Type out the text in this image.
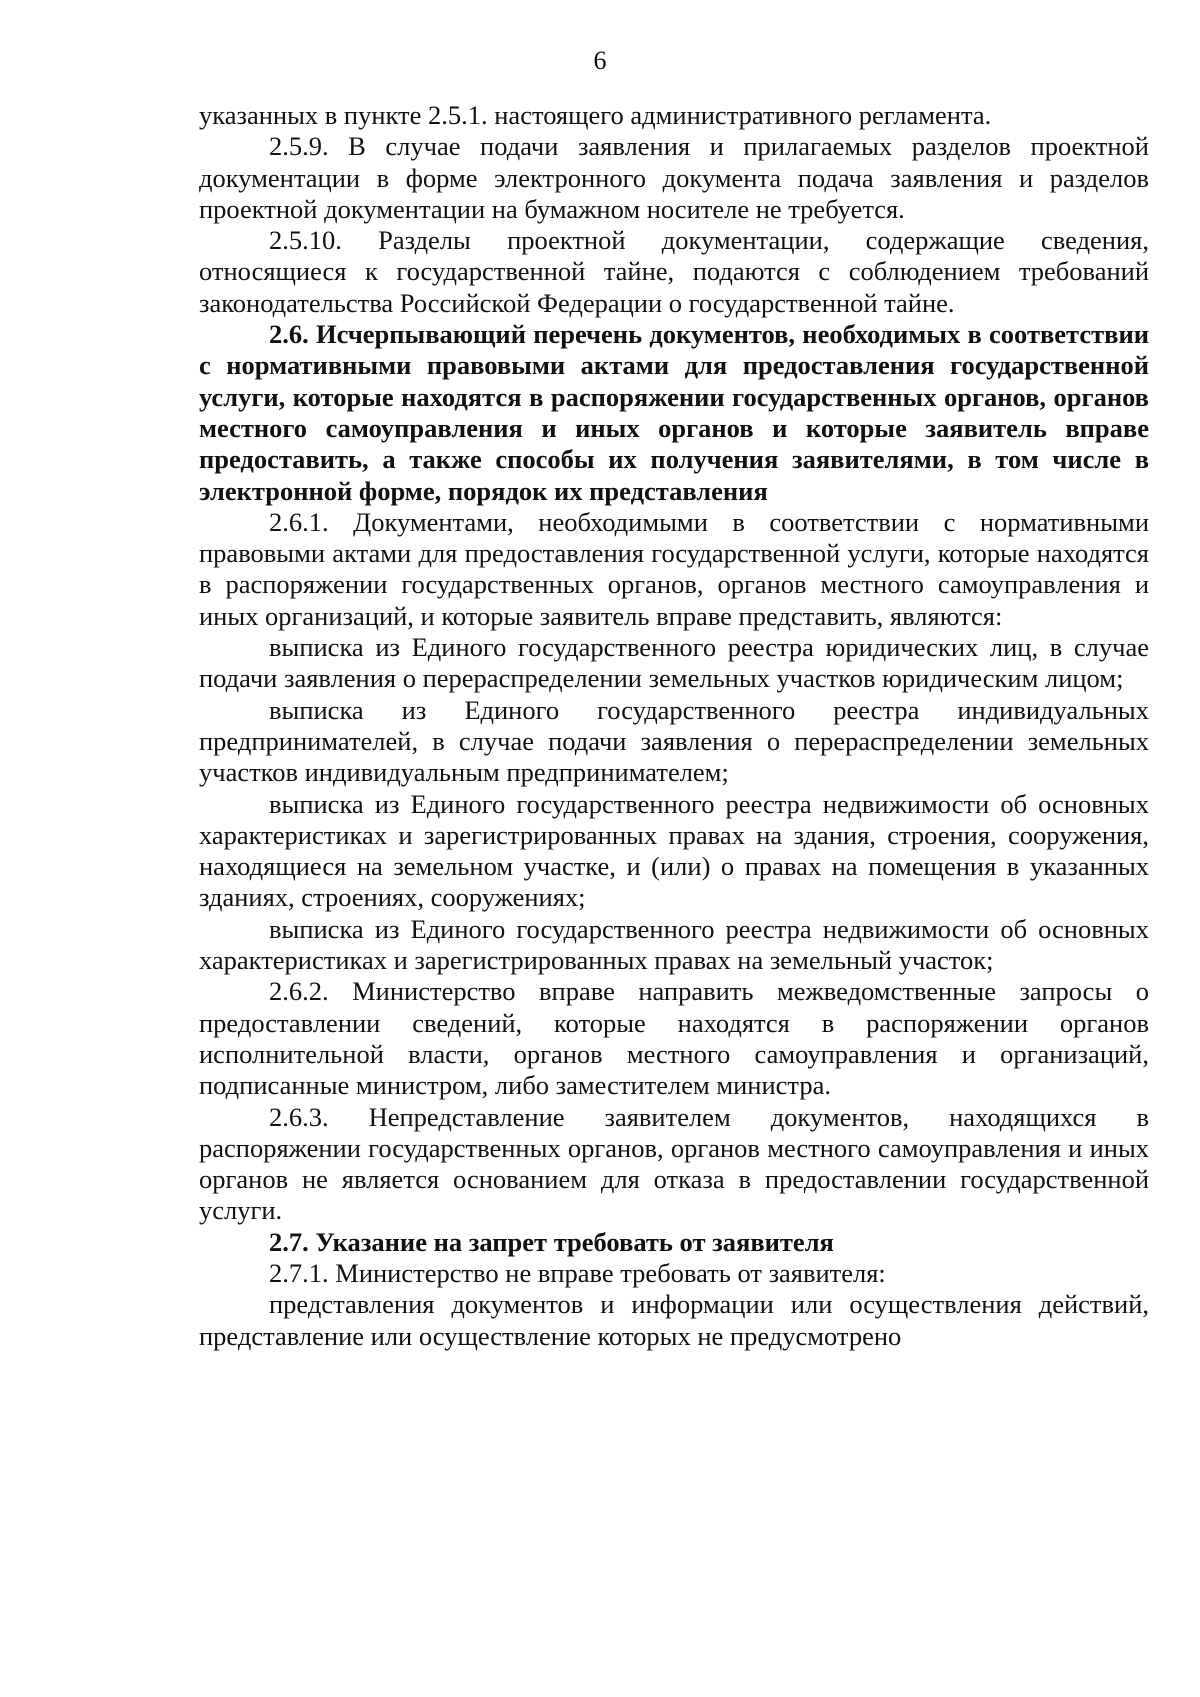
6

указанных в пункте 2.5.1. настоящего административного регламента.

2.5.9. В случае подачи заявления и прилагаемых разделов проектной документации в форме электронного документа подача заявления и разделов проектной документации на бумажном носителе не требуется.

2.5.10. Разделы проектной документации, содержащие сведения, относящиеся к государственной тайне, подаются с соблюдением требований законодательства Российской Федерации о государственной тайне.

2.6. Исчерпывающий перечень документов, необходимых в соответствии с нормативными правовыми актами для предоставления государственной услуги, которые находятся в распоряжении государственных органов, органов местного самоуправления и иных органов и которые заявитель вправе предоставить, а также способы их получения заявителями, в том числе в электронной форме, порядок их представления

2.6.1. Документами, необходимыми в соответствии с нормативными правовыми актами для предоставления государственной услуги, которые находятся в распоряжении государственных органов, органов местного самоуправления и иных организаций, и которые заявитель вправе представить, являются:

выписка из Единого государственного реестра юридических лиц, в случае подачи заявления о перераспределении земельных участков юридическим лицом;

выписка из Единого государственного реестра индивидуальных предпринимателей, в случае подачи заявления о перераспределении земельных участков индивидуальным предпринимателем;

выписка из Единого государственного реестра недвижимости об основных характеристиках и зарегистрированных правах на здания, строения, сооружения, находящиеся на земельном участке, и (или) о правах на помещения в указанных зданиях, строениях, сооружениях;

выписка из Единого государственного реестра недвижимости об основных характеристиках и зарегистрированных правах на земельный участок;

2.6.2. Министерство вправе направить межведомственные запросы о предоставлении сведений, которые находятся в распоряжении органов исполнительной власти, органов местного самоуправления и организаций, подписанные министром, либо заместителем министра.

2.6.3. Непредставление заявителем документов, находящихся в распоряжении государственных органов, органов местного самоуправления и иных органов не является основанием для отказа в предоставлении государственной услуги.

2.7. Указание на запрет требовать от заявителя

2.7.1. Министерство не вправе требовать от заявителя:

представления документов и информации или осуществления действий, представление или осуществление которых не предусмотрено
